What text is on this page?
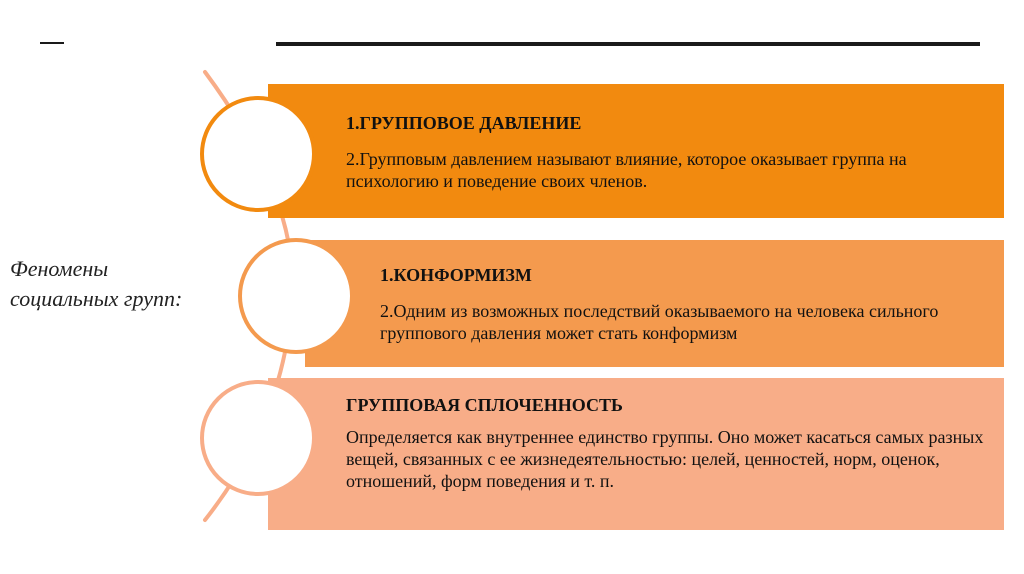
Феномены
социальных групп:
1.ГРУППОВОЕ ДАВЛЕНИЕ
2.Групповым давлением называют влияние, которое оказывает группа на психологию и поведение своих членов.
1.КОНФОРМИЗМ
2.Одним из возможных последствий оказываемого на человека сильного группового давления может стать конформизм
ГРУППОВАЯ СПЛОЧЕННОСТЬ
Определяется как внутреннее единство группы. Оно может касаться самых разных вещей, связанных с ее жизнедеятельностью: целей, ценностей, норм, оценок, отношений, форм поведения и т. п.
